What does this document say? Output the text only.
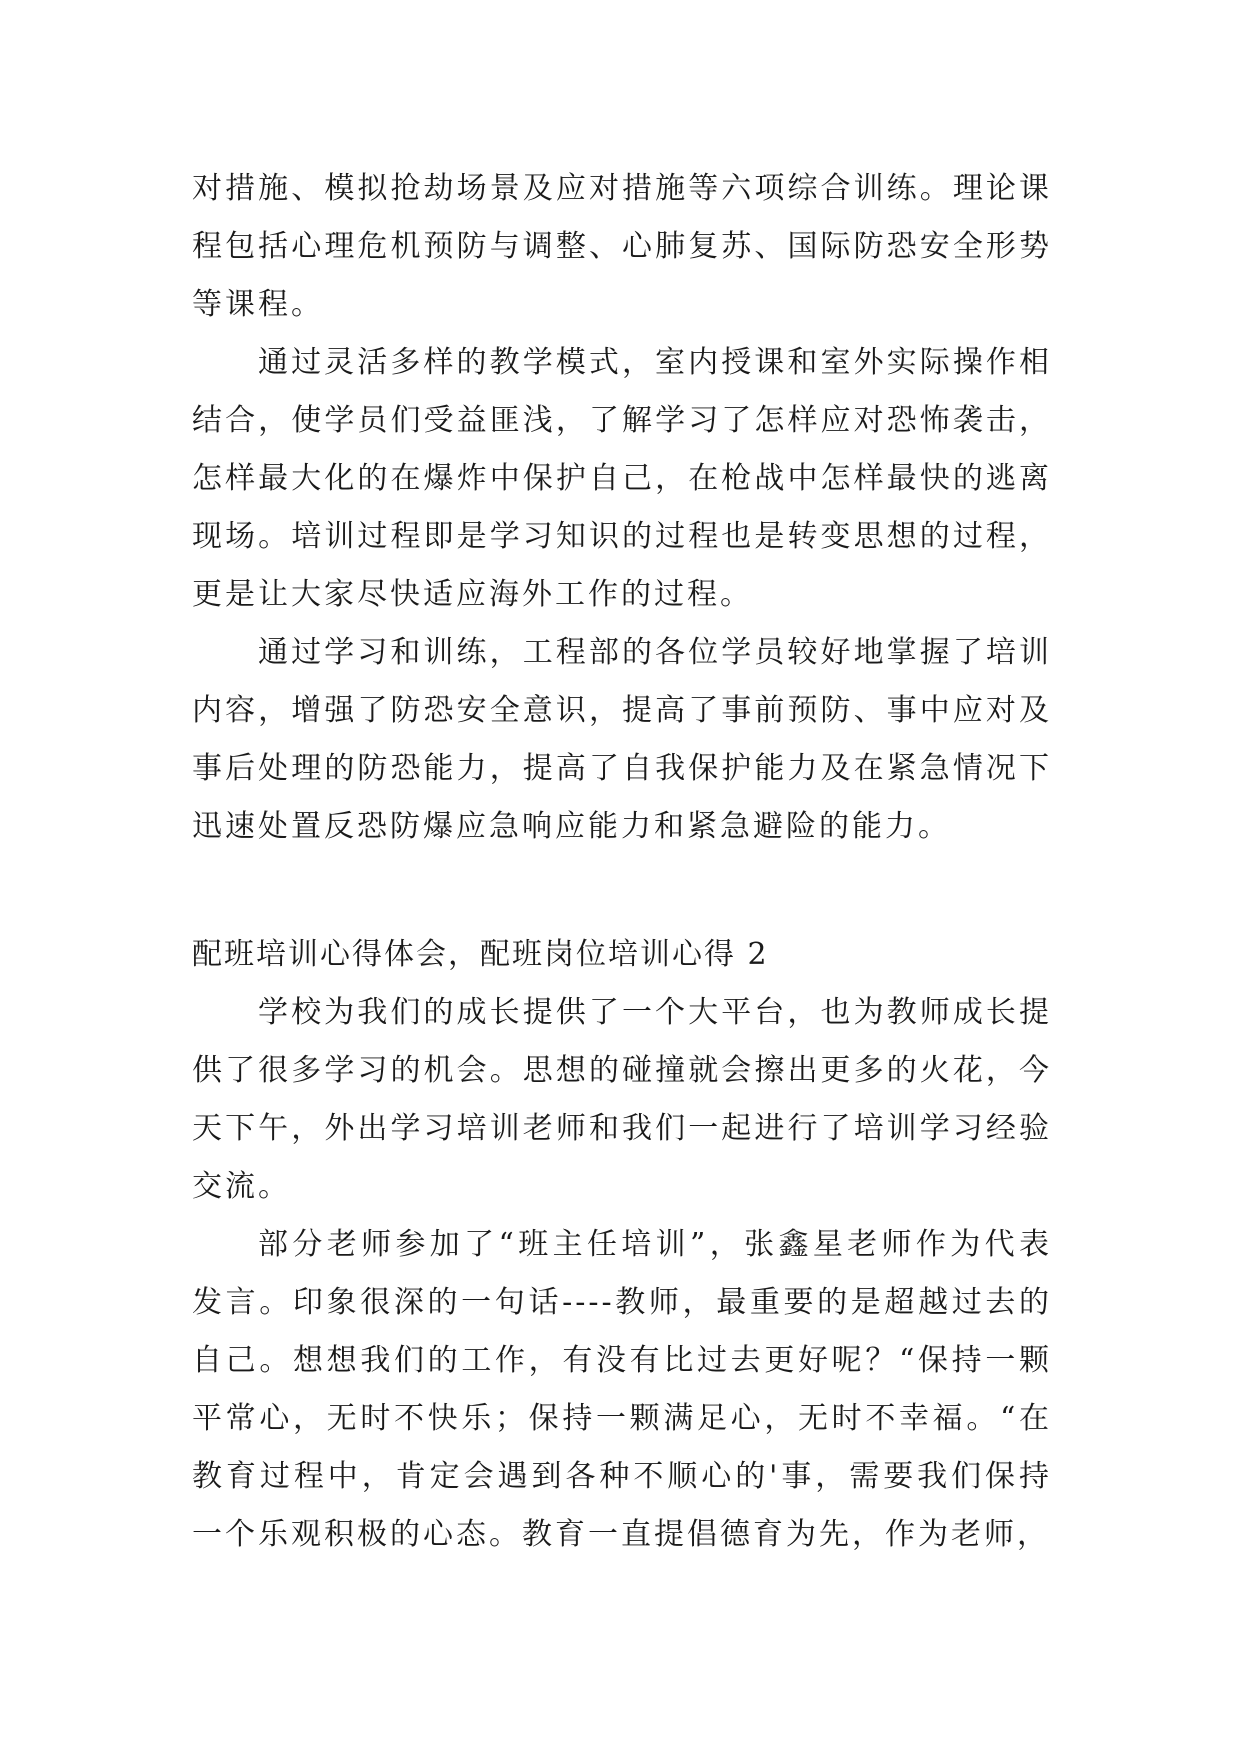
对措施、模拟抢劫场景及应对措施等六项综合训练。理论课程包括心理危机预防与调整、心肺复苏、国际防恐安全形势等课程。

通过灵活多样的教学模式，室内授课和室外实际操作相结合，使学员们受益匪浅，了解学习了怎样应对恐怖袭击，怎样最大化的在爆炸中保护自己，在枪战中怎样最快的逃离现场。培训过程即是学习知识的过程也是转变思想的过程，更是让大家尽快适应海外工作的过程。

通过学习和训练，工程部的各位学员较好地掌握了培训内容，增强了防恐安全意识，提高了事前预防、事中应对及事后处理的防恐能力，提高了自我保护能力及在紧急情况下迅速处置反恐防爆应急响应能力和紧急避险的能力。

配班培训心得体会，配班岗位培训心得 2

学校为我们的成长提供了一个大平台，也为教师成长提供了很多学习的机会。思想的碰撞就会擦出更多的火花，今天下午，外出学习培训老师和我们一起进行了培训学习经验交流。

部分老师参加了“班主任培训”，张鑫星老师作为代表发言。印象很深的一句话----教师，最重要的是超越过去的自己。想想我们的工作，有没有比过去更好呢？“保持一颗平常心，无时不快乐；保持一颗满足心，无时不幸福。“在教育过程中，肯定会遇到各种不顺心的'事，需要我们保持一个乐观积极的心态。教育一直提倡德育为先，作为老师，
